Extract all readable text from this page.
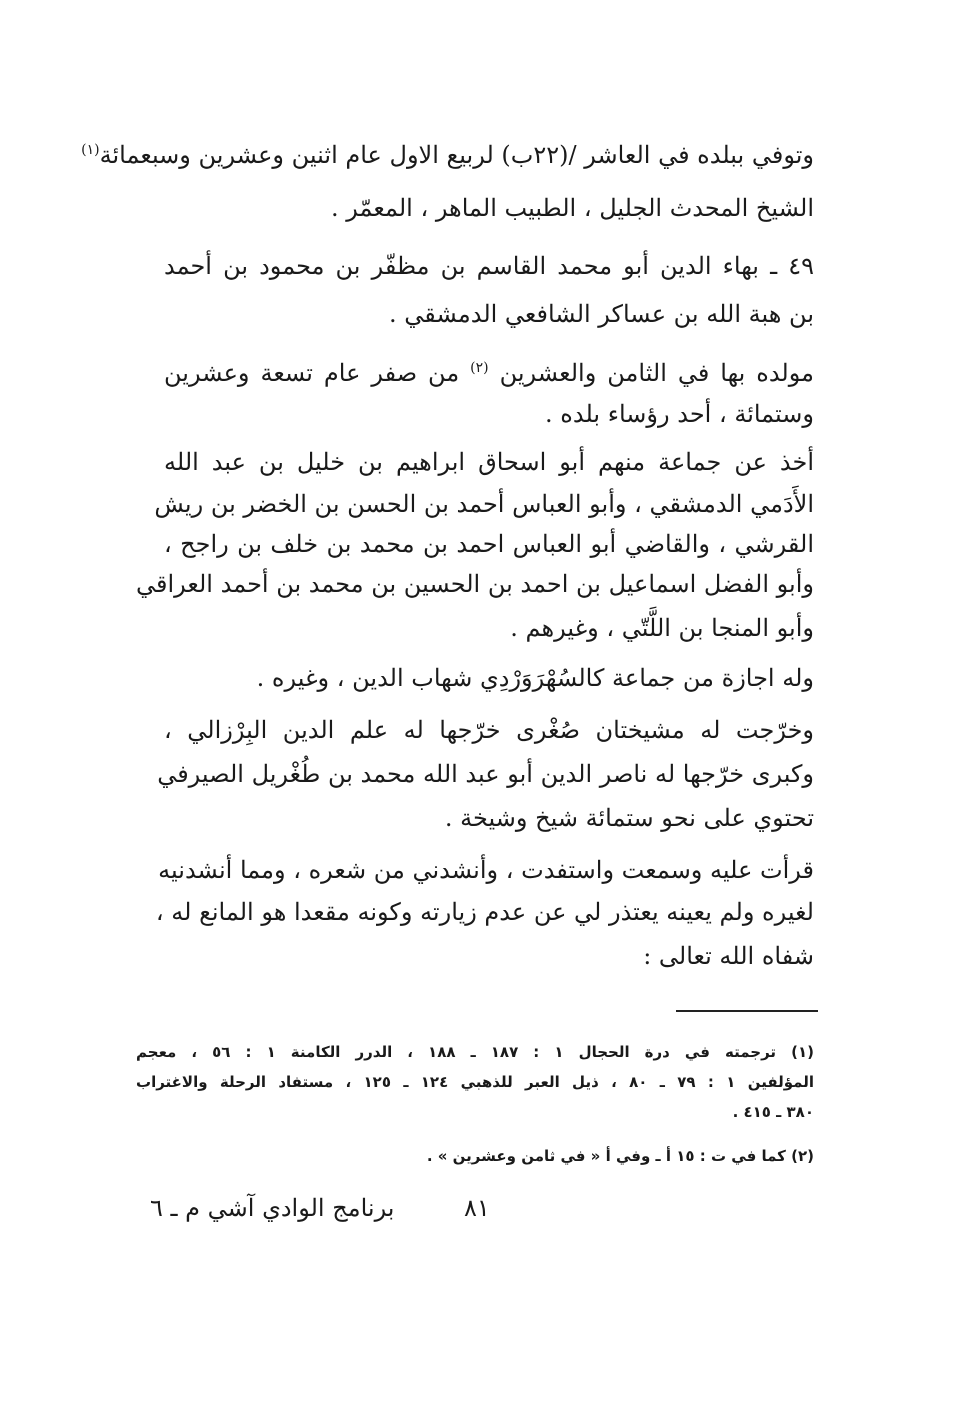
وتوفي ببلده في العاشر /(٢٢ب) لربيع الاول عام اثنين وعشرين وسبعمائة$^{(١)}$
الشيخ المحدث الجليل ، الطبيب الماهر ، المعمّر .
٤٩ ـ بهاء الدين أبو محمد القاسم بن مظفّر بن محمود بن أحمد
بن هبة الله بن عساكر الشافعي الدمشقي .
مولده بها في الثامن والعشرين $^{(٢)}$ من صفر عام تسعة وعشرين
وستمائة ، أحد رؤساء بلده .
أخذ عن جماعة منهم أبو اسحاق ابراهيم بن خليل بن عبد الله
الأَدَمي الدمشقي ، وأبو العباس أحمد بن الحسن بن الخضر بن ريش
القرشي ، والقاضي أبو العباس احمد بن محمد بن خلف بن راجح ،
وأبو الفضل اسماعيل بن احمد بن الحسين بن محمد بن أحمد العراقي
وأبو المنجا بن اللَّتّي ، وغيرهم .
وله اجازة من جماعة كالسُهْرَوَرْدِي شهاب الدين ، وغيره .
وخرّجت له مشيختان صُغْرى خرّجها له علم الدين البِرْزالي ،
وكبرى خرّجها له ناصر الدين أبو عبد الله محمد بن طُغْريل الصيرفي
تحتوي على نحو ستمائة شيخ وشيخة .
قرأت عليه وسمعت واستفدت ، وأنشدني من شعره ، ومما أنشدنيه
لغيره ولم يعينه يعتذر لي عن عدم زيارته وكونه مقعدا هو المانع له ،
شفاه الله تعالى :
(١) ترجمته في درة الحجال ١ : ١٨٧ ـ ١٨٨ ، الدرر الكامنة ١ : ٥٦ ، معجم
المؤلفين ١ : ٧٩ ـ ٨٠ ، ذيل العبر للذهبي ١٢٤ ـ ١٢٥ ، مستفاد الرحلة والاغتراب
٣٨٠ ـ ٤١٥ .
(٢) كما في ت : ١٥ أ ـ وفي أ « في ثامن وعشرين » .
٨١
برنامج الوادي آشي م ـ ٦
